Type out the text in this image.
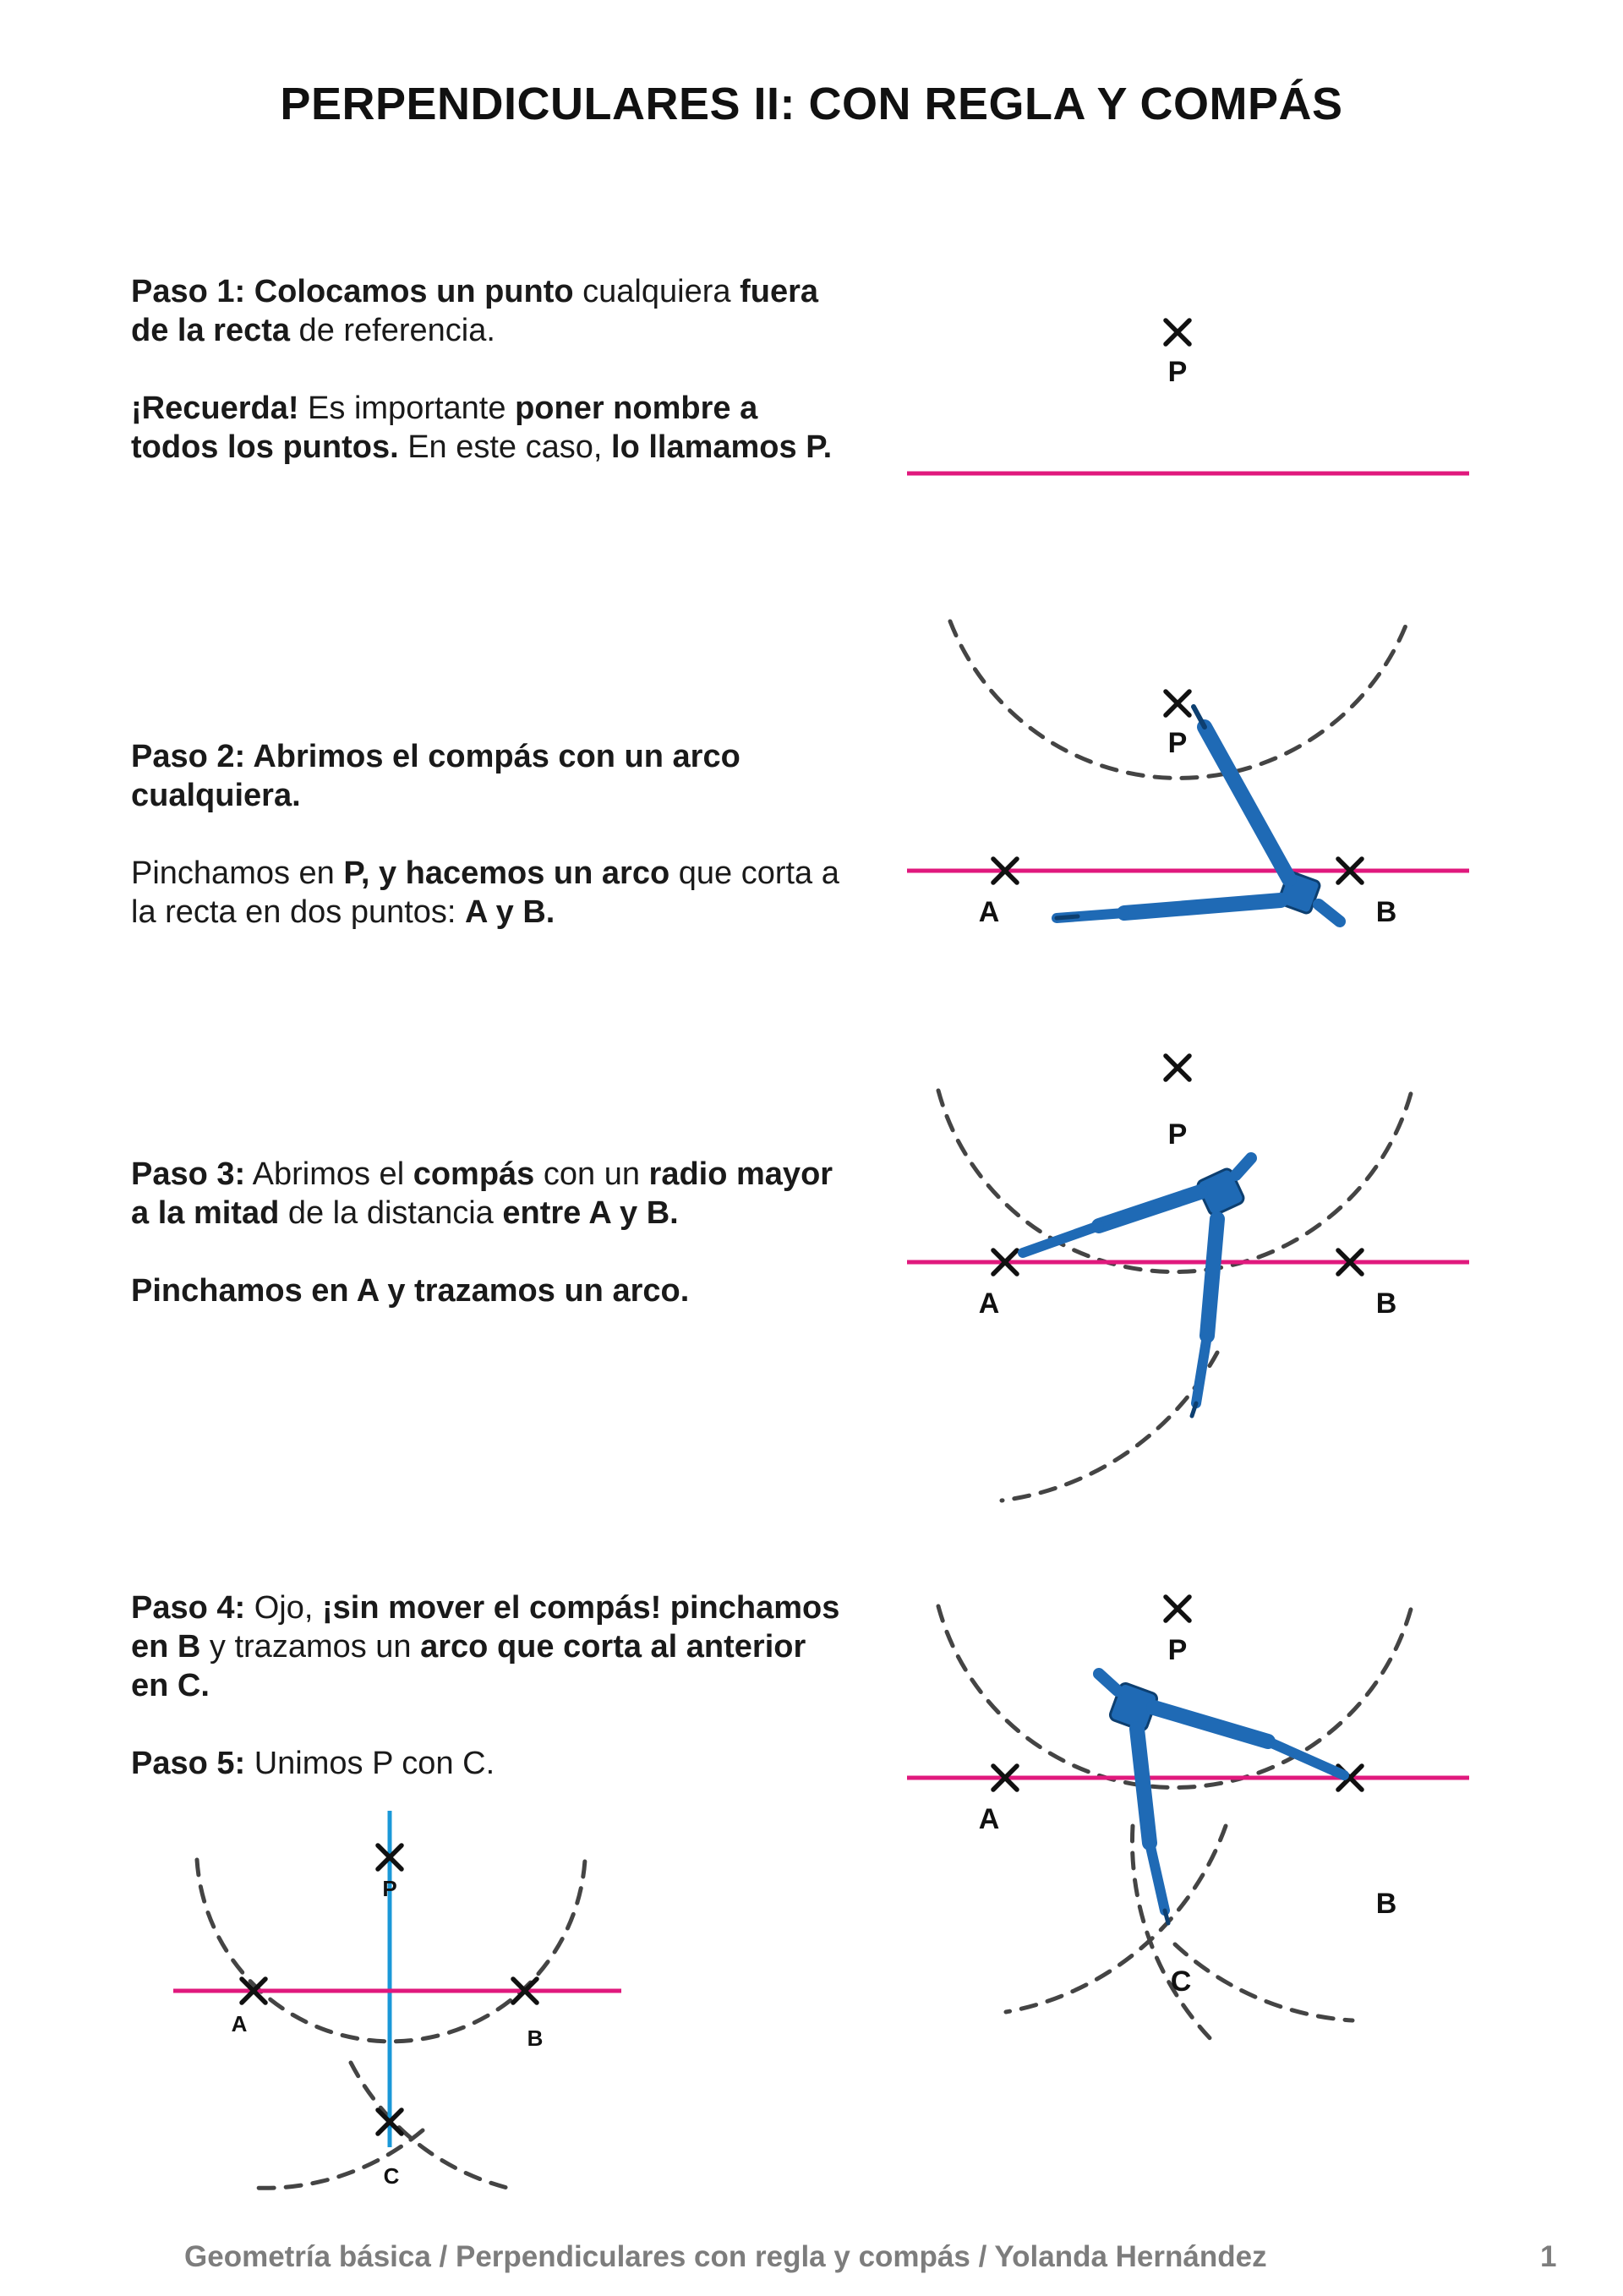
PERPENDICULARES II: CON REGLA Y COMPÁS

Paso 1: Colocamos un punto cualquiera fuera de la recta de referencia.

¡Recuerda! Es importante poner nombre a todos los puntos. En este caso, lo llamamos P.

Paso 2: Abrimos el compás con un arco cualquiera.

Pinchamos en P, y hacemos un arco que corta a la recta en dos puntos: A y B.

Paso 3: Abrimos el compás con un radio mayor a la mitad de la distancia entre A y B.

Pinchamos en A y trazamos un arco.

Paso 4: Ojo, ¡sin mover el compás! pinchamos en B y trazamos un arco que corta al anterior en C.

Paso 5: Unimos P con C.

P
P
A	B
P
A	B
P
A
B
C
P
A
B
C
Geometría básica / Perpendiculares con regla y compás / Yolanda Hernández	1
